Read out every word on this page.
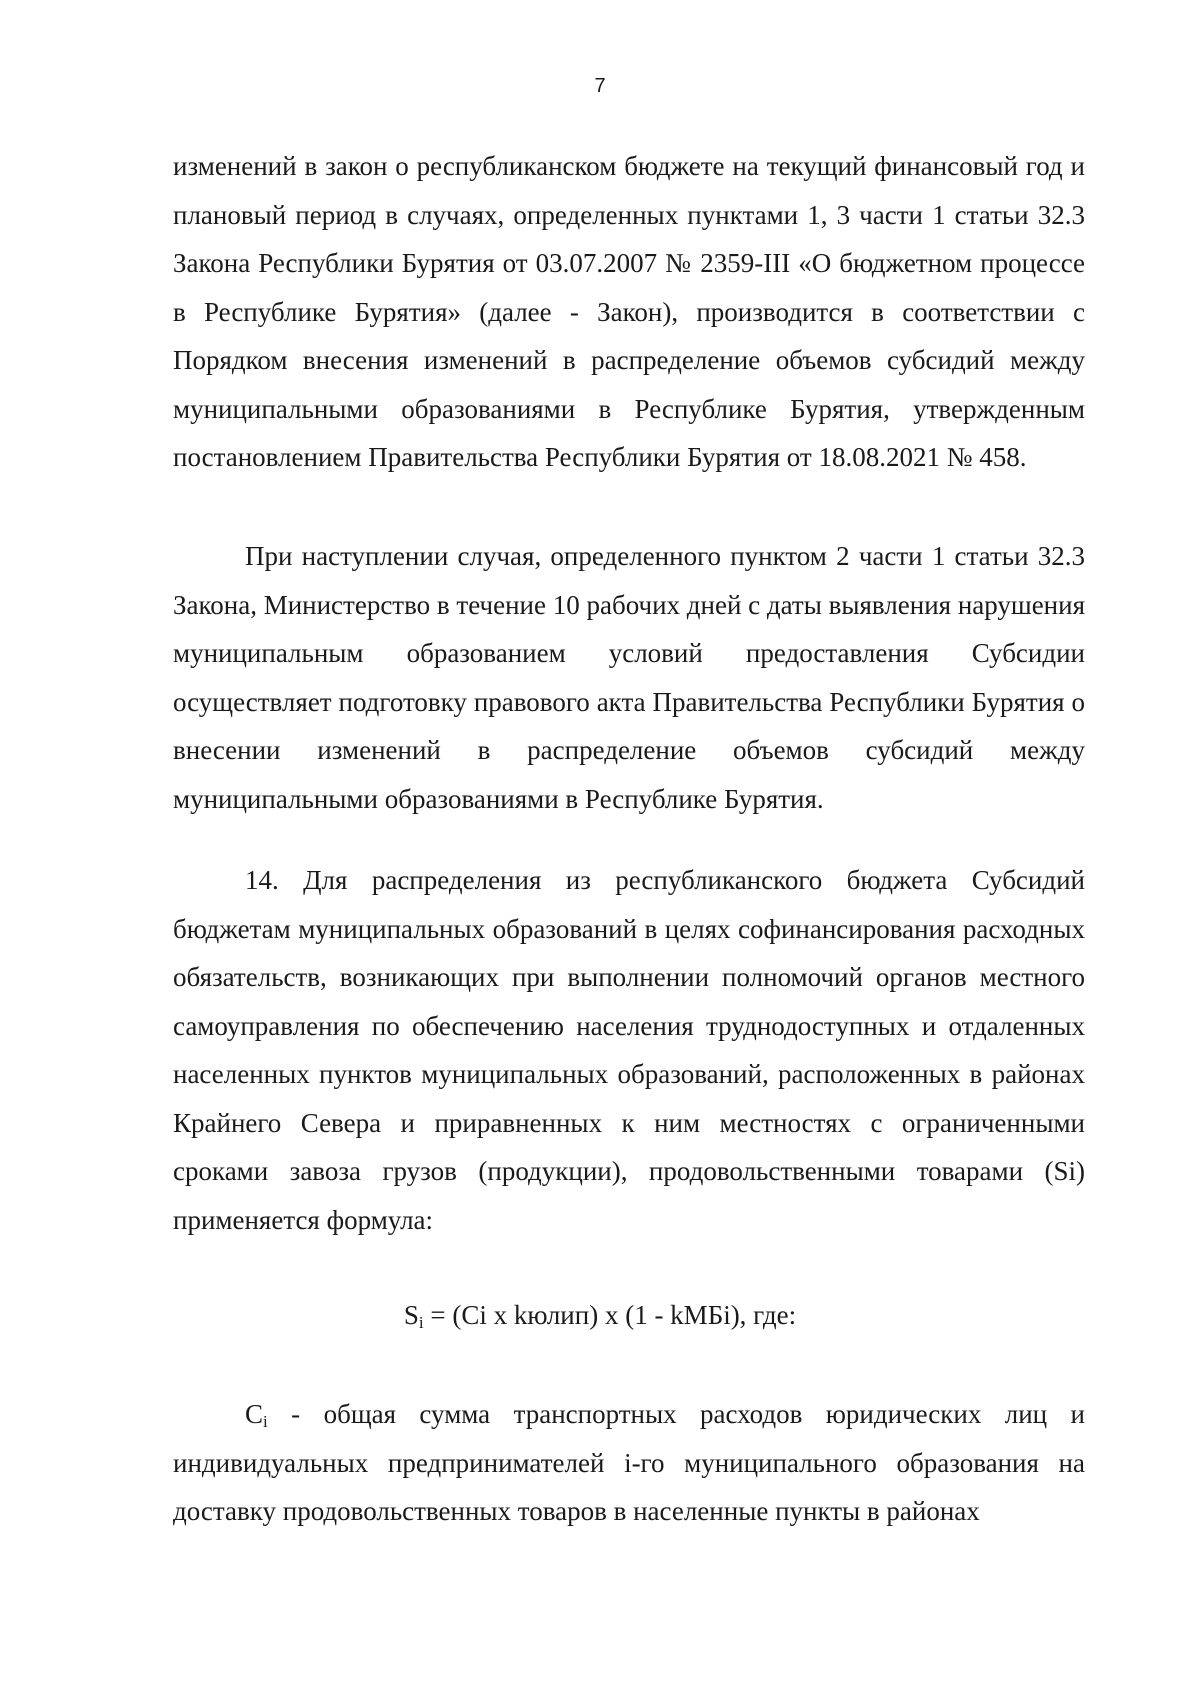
7

изменений в закон о республиканском бюджете на текущий финансовый год и плановый период в случаях, определенных пунктами 1, 3 части 1 статьи 32.3 Закона Республики Бурятия от 03.07.2007 № 2359-III «О бюджетном процессе в Республике Бурятия» (далее - Закон), производится в соответствии с Порядком внесения изменений в распределение объемов субсидий между муниципальными образованиями в Республике Бурятия, утвержденным постановлением Правительства Республики Бурятия от 18.08.2021 № 458.

При наступлении случая, определенного пунктом 2 части 1 статьи 32.3 Закона, Министерство в течение 10 рабочих дней с даты выявления нарушения муниципальным образованием условий предоставления Субсидии осуществляет подготовку правового акта Правительства Республики Бурятия о внесении изменений в распределение объемов субсидий между муниципальными образованиями в Республике Бурятия.

14. Для распределения из республиканского бюджета Субсидий бюджетам муниципальных образований в целях софинансирования расходных обязательств, возникающих при выполнении полномочий органов местного самоуправления по обеспечению населения труднодоступных и отдаленных населенных пунктов муниципальных образований, расположенных в районах Крайнего Севера и приравненных к ним местностях с ограниченными сроками завоза грузов (продукции), продовольственными товарами (Si) применяется формула:

$S_i = (Ci$ x kюлип) x (1 - kМБi), где:

Ci - общая сумма транспортных расходов юридических лиц и индивидуальных предпринимателей i-го муниципального образования на доставку продовольственных товаров в населенные пункты в районах
